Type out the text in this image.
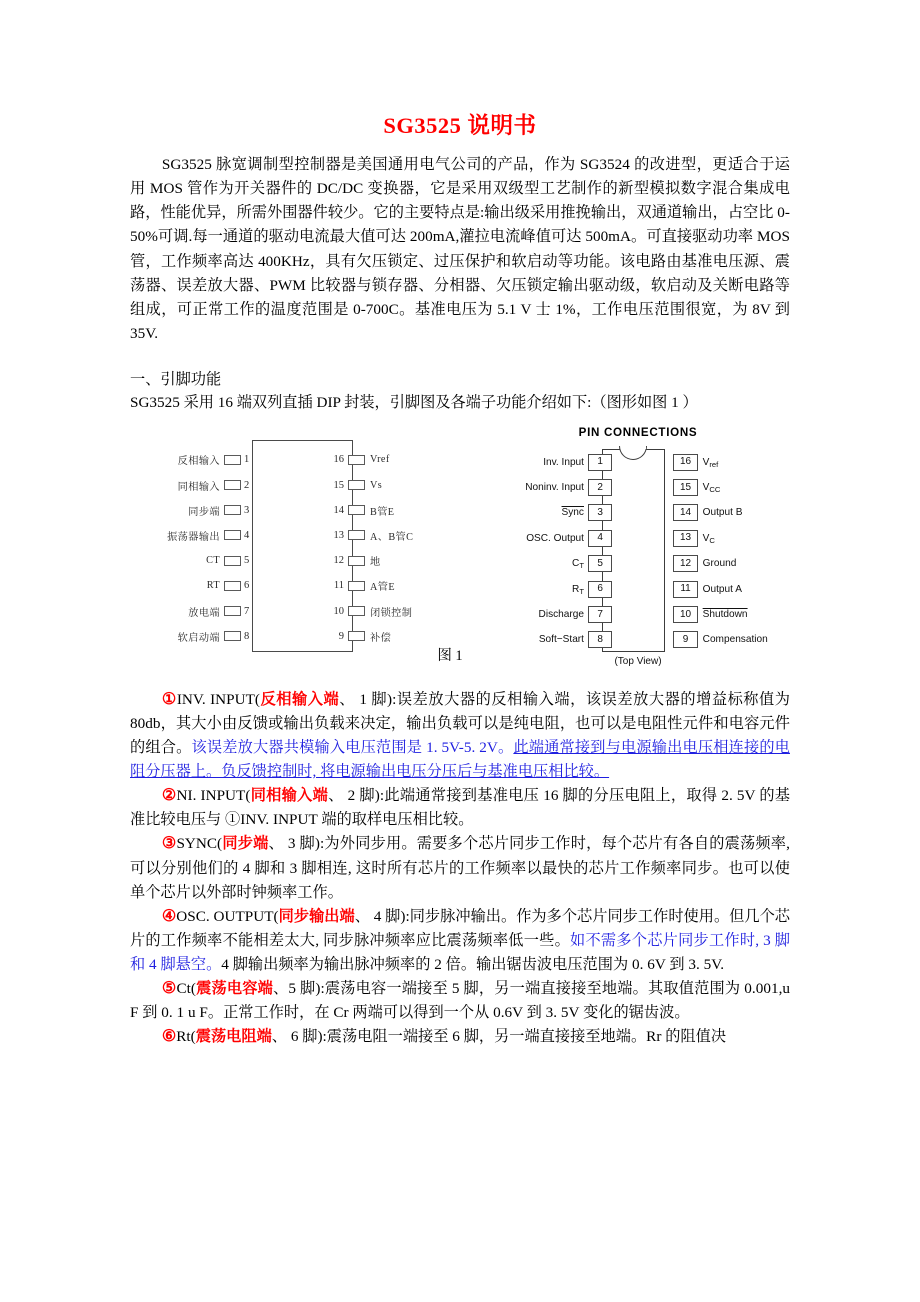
SG3525 说明书

SG3525 脉宽调制型控制器是美国通用电气公司的产品，作为 SG3524 的改进型，更适合于运用 MOS 管作为开关器件的 DC/DC 变换器，它是采用双级型工艺制作的新型模拟数字混合集成电路，性能优异，所需外围器件较少。它的主要特点是:输出级采用推挽输出，双通道输出，占空比 0-50%可调.每一通道的驱动电流最大值可达 200mA,灌拉电流峰值可达 500mA。可直接驱动功率 MOS 管，工作频率高达 400KHz，具有欠压锁定、过压保护和软启动等功能。该电路由基准电压源、震荡器、误差放大器、PWM 比较器与锁存器、分相器、欠压锁定输出驱动级，软启动及关断电路等组成，可正常工作的温度范围是 0-700C。基准电压为 5.1 V 士 1%，工作电压范围很宽，为 8V 到 35V.

一、引脚功能
SG3525 采用 16 端双列直插 DIP 封装，引脚图及各端子功能介绍如下:（图形如图 1 ）
反相输入	1	16	Vref
同相输入	2	15	Vs
同步端	3	14	B管E
振荡器输出	4	13	A、B管C
CT	5	12	地
RT	6	11	A管E
放电端	7	10	闭锁控制
软启动端	8	9	补偿
PIN CONNECTIONS
Inv. Input	1	16	$V_{ref}$
Noninv. Input	2	15	$V_{CC}$
Sync	3	14	Output B
OSC. Output	4	13	$V_C$
$C_T$	5	12	Ground
$R_T$	6	11	Output A
Discharge	7	10	Shutdown
Soft−Start	8	9	Compensation
(Top View)
图 1

①INV. INPUT(反相输入端、 1 脚):误差放大器的反相输入端，该误差放大器的增益标称值为 80db，其大小由反馈或输出负载来决定，输出负载可以是纯电阻，也可以是电阻性元件和电容元件的组合。该误差放大器共模输入电压范围是 1. 5V-5. 2V。此端通常接到与电源输出电压相连接的电阻分压器上。负反馈控制时, 将电源输出电压分压后与基准电压相比较。

②NI. INPUT(同相输入端、 2 脚):此端通常接到基准电压 16 脚的分压电阻上，取得 2. 5V 的基准比较电压与 ①INV. INPUT 端的取样电压相比较。

③SYNC(同步端、 3 脚):为外同步用。需要多个芯片同步工作时，每个芯片有各自的震荡频率, 可以分别他们的 4 脚和 3 脚相连, 这时所有芯片的工作频率以最快的芯片工作频率同步。也可以使单个芯片以外部时钟频率工作。

④OSC. OUTPUT(同步输出端、 4 脚):同步脉冲输出。作为多个芯片同步工作时使用。但几个芯片的工作频率不能相差太大, 同步脉冲频率应比震荡频率低一些。如不需多个芯片同步工作时, 3 脚和 4 脚悬空。4 脚输出频率为输出脉冲频率的 2 倍。输出锯齿波电压范围为 0. 6V 到 3. 5V.

⑤Ct(震荡电容端、5 脚):震荡电容一端接至 5 脚，另一端直接接至地端。其取值范围为 0.001,u F 到 0. 1 u F。正常工作时，在 Cr 两端可以得到一个从 0.6V 到 3. 5V 变化的锯齿波。

⑥Rt(震荡电阻端、 6 脚):震荡电阻一端接至 6 脚，另一端直接接至地端。Rr 的阻值决
